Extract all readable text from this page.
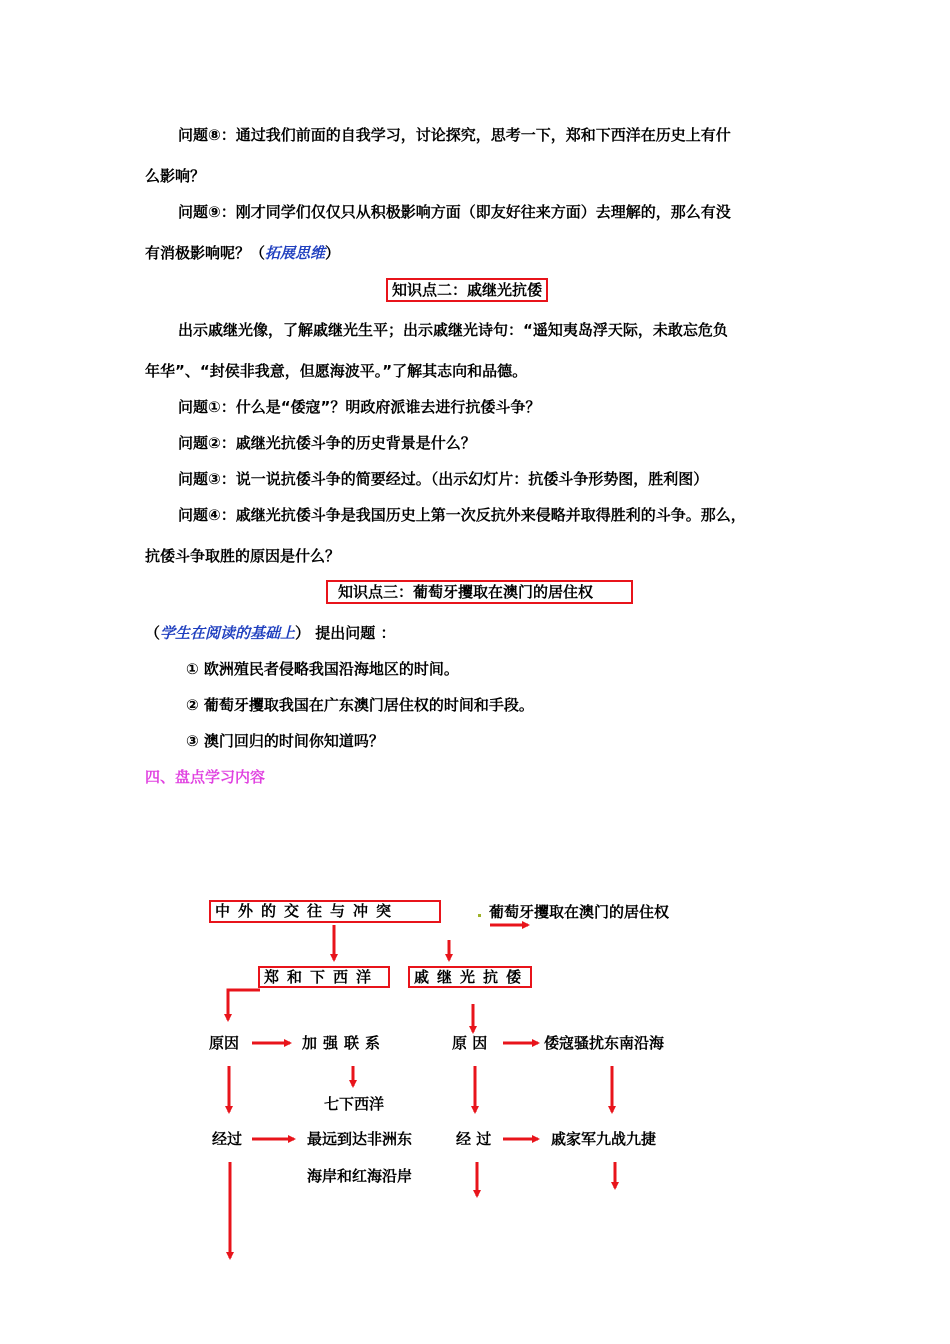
问题⑧：通过我们前面的自我学习，讨论探究，思考一下，郑和下西洋在历史上有什
么影响？
问题⑨：刚才同学们仅仅只从积极影响方面（即友好往来方面）去理解的，那么有没
有消极影响呢？（拓展思维）
知识点二：戚继光抗倭
出示戚继光像，了解戚继光生平；出示戚继光诗句：“遥知夷岛浮天际，未敢忘危负
年华”、“封侯非我意，但愿海波平。”了解其志向和品德。
问题①：什么是“倭寇”？明政府派谁去进行抗倭斗争？
问题②：戚继光抗倭斗争的历史背景是什么？
问题③：说一说抗倭斗争的简要经过。（出示幻灯片：抗倭斗争形势图，胜利图）
问题④：戚继光抗倭斗争是我国历史上第一次反抗外来侵略并取得胜利的斗争。那么，
抗倭斗争取胜的原因是什么？
知识点三：葡萄牙攫取在澳门的居住权
（学生在阅读的基础上） 提出问题 ：
① 欧洲殖民者侵略我国沿海地区的时间。
② 葡萄牙攫取我国在广东澳门居住权的时间和手段。
③ 澳门回归的时间你知道吗？
四、盘点学习内容
中外的交往与冲突	葡萄牙攫取在澳门的居住权
郑和下西洋	戚继光抗倭
原因	加强联系
七下西洋
经过	最远到达非洲东
海岸和红海沿岸
原 因	倭寇骚扰东南沿海
经 过	戚家军九战九捷
